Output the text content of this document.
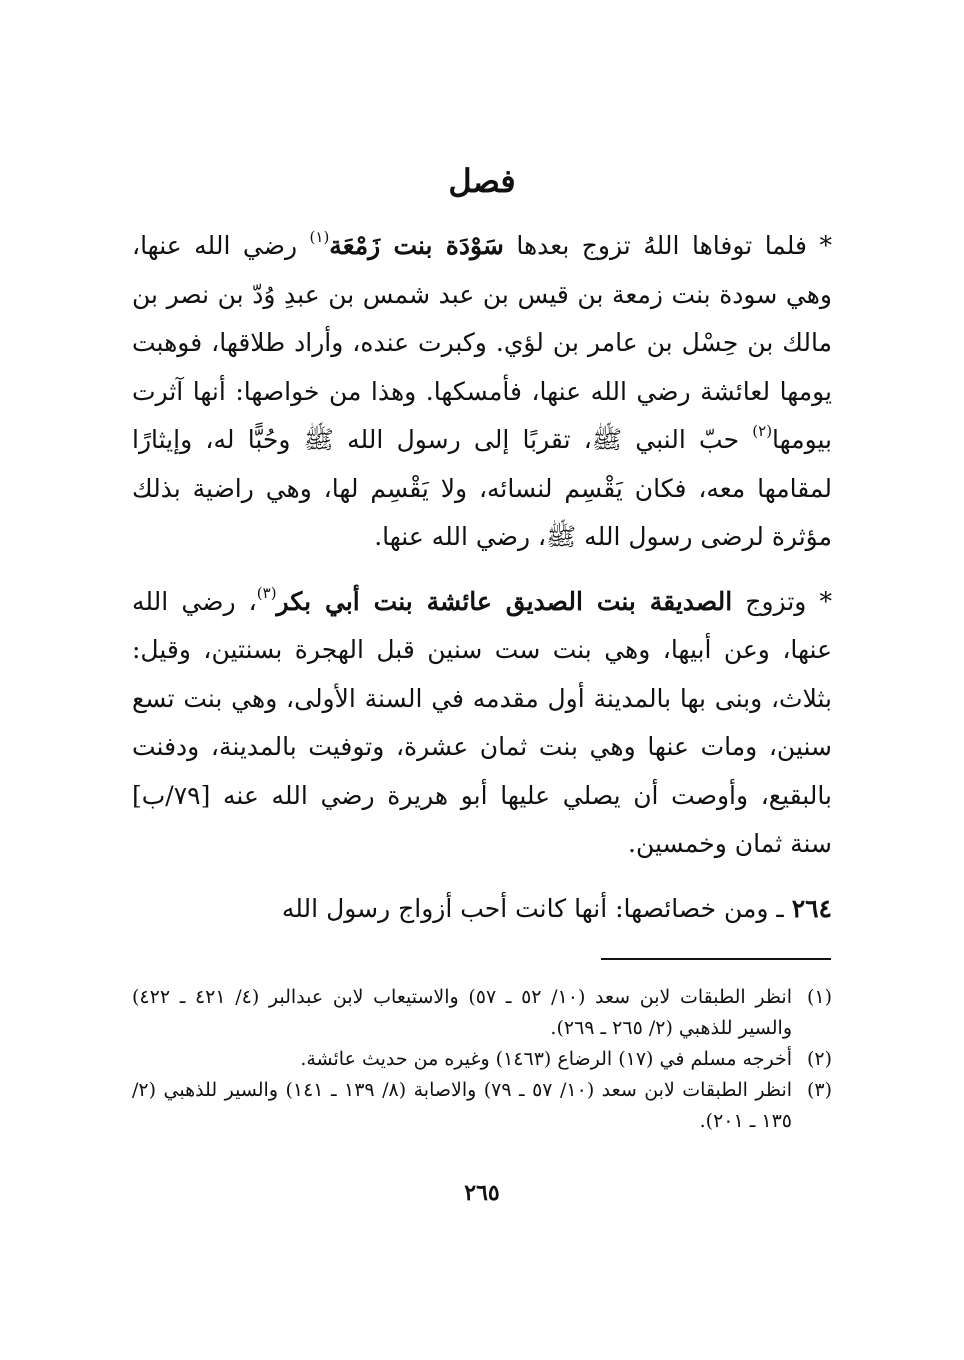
فصل

* فلما توفاها اللهُ تزوج بعدها سَوْدَة بنت زَمْعَة$^{(١)}$ رضي الله عنها، وهي سودة بنت زمعة بن قيس بن عبد شمس بن عبدِ وُدّ بن نصر بن مالك بن حِسْل بن عامر بن لؤي. وكبرت عنده، وأراد طلاقها، فوهبت يومها لعائشة رضي الله عنها، فأمسكها. وهذا من خواصها: أنها آثرت بيومها$^{(٢)}$ حبّ النبي ﷺ، تقربًا إلى رسول الله ﷺ وحُبًّا له، وإيثارًا لمقامها معه، فكان يَقْسِم لنسائه، ولا يَقْسِم لها، وهي راضية بذلك مؤثرة لرضى رسول الله ﷺ، رضي الله عنها.

* وتزوج الصديقة بنت الصديق عائشة بنت أبي بكر$^{(٣)}$، رضي الله عنها، وعن أبيها، وهي بنت ست سنين قبل الهجرة بسنتين، وقيل: بثلاث، وبنى بها بالمدينة أول مقدمه في السنة الأولى، وهي بنت تسع سنين، ومات عنها وهي بنت ثمان عشرة، وتوفيت بالمدينة، ودفنت بالبقيع، وأوصت أن يصلي عليها أبو هريرة رضي الله عنه [٧٩/ب] سنة ثمان وخمسين.

٢٦٤ ـ ومن خصائصها: أنها كانت أحب أزواج رسول الله

(١)
انظر الطبقات لابن سعد (١٠/ ٥٢ ـ ٥٧) والاستيعاب لابن عبدالبر (٤/ ٤٢١ ـ ٤٢٢) والسير للذهبي (٢/ ٢٦٥ ـ ٢٦٩).
(٢)
أخرجه مسلم في (١٧) الرضاع (١٤٦٣) وغيره من حديث عائشة.
(٣)
انظر الطبقات لابن سعد (١٠/ ٥٧ ـ ٧٩) والاصابة (٨/ ١٣٩ ـ ١٤١) والسير للذهبي (٢/ ١٣٥ ـ ٢٠١).
٢٦٥
